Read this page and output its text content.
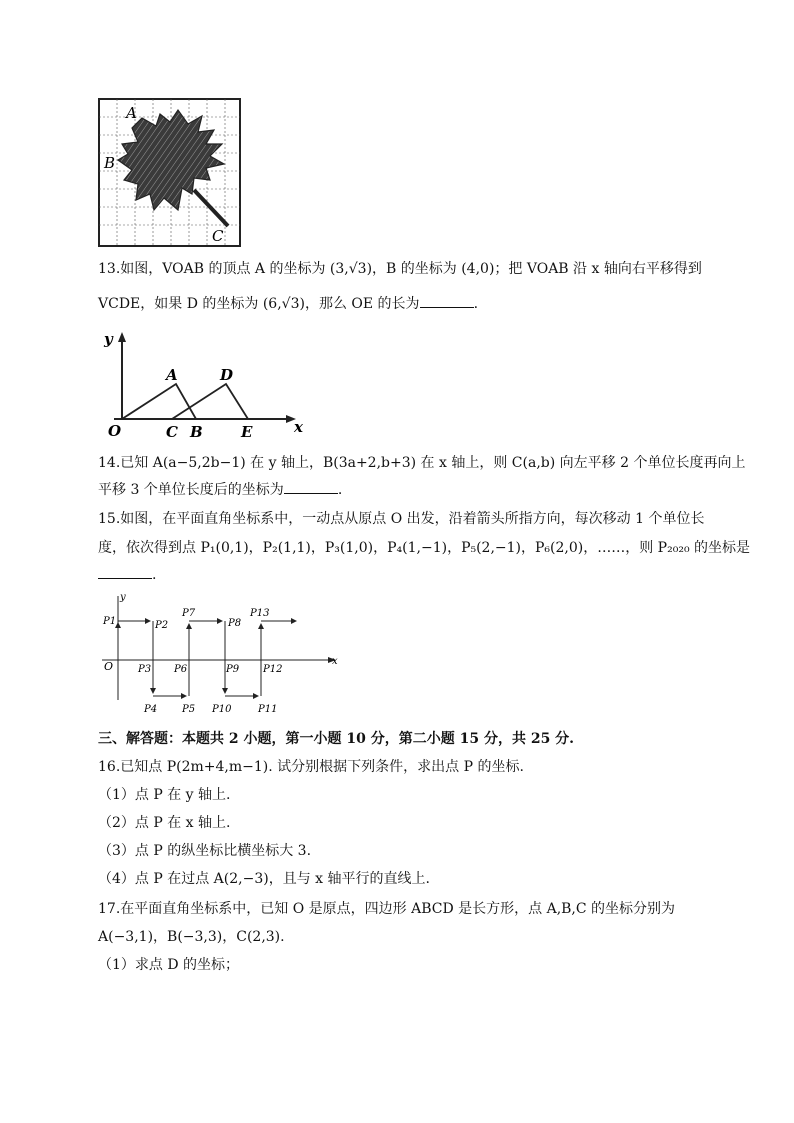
A
B
C
13.如图，VOAB 的顶点 A 的坐标为 (3,√3)，B 的坐标为 (4,0)；把 VOAB 沿 x 轴向右平移得到
VCDE，如果 D 的坐标为 (6,√3)，那么 OE 的长为	.
y
x
O
A	D
C B	E
14.已知 A(a−5,2b−1) 在 y 轴上，B(3a+2,b+3) 在 x 轴上，则 C(a,b) 向左平移 2 个单位长度再向上
平移 3 个单位长度后的坐标为	.
15.如图，在平面直角坐标系中，一动点从原点 O 出发，沿着箭头所指方向，每次移动 1 个单位长
度，依次得到点 P₁(0,1)，P₂(1,1)，P₃(1,0)，P₄(1,−1)，P₅(2,−1)，P₆(2,0)，……，则 P₂₀₂₀ 的坐标是
.
y
x
O
P1	P2
P3
P4 P5
P6
P7
P8
P9
P10	P11
P12
P13
三、解答题：本题共 2 小题，第一小题 10 分，第二小题 15 分，共 25 分.
16.已知点 P(2m+4,m−1). 试分别根据下列条件，求出点 P 的坐标.
（1）点 P 在 y 轴上.
（2）点 P 在 x 轴上.
（3）点 P 的纵坐标比横坐标大 3.
（4）点 P 在过点 A(2,−3)，且与 x 轴平行的直线上.
17.在平面直角坐标系中，已知 O 是原点，四边形 ABCD 是长方形，点 A,B,C 的坐标分别为
A(−3,1)，B(−3,3)，C(2,3).
（1）求点 D 的坐标；
